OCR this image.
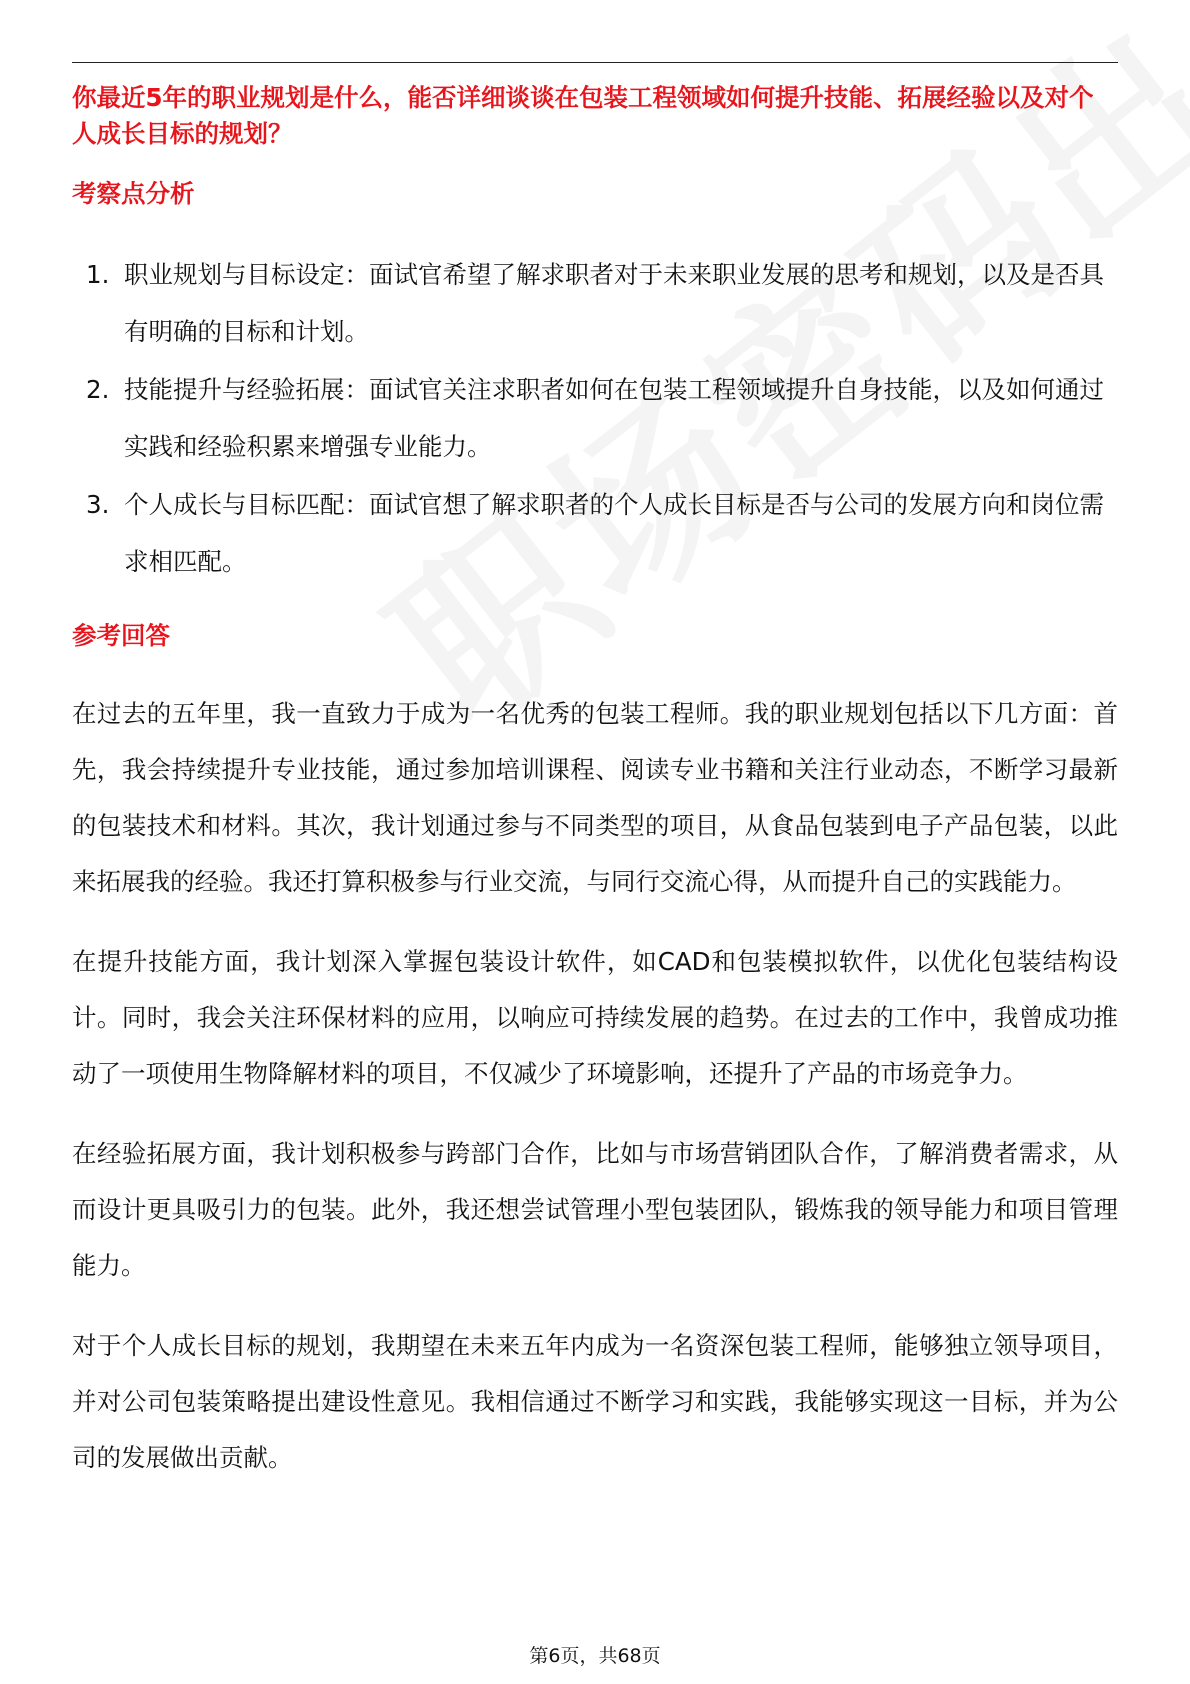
你最近5年的职业规划是什么，能否详细谈谈在包装工程领域如何提升技能、拓展经验以及对个人成长目标的规划？
考察点分析
1. 职业规划与目标设定：面试官希望了解求职者对于未来职业发展的思考和规划，以及是否具有明确的目标和计划。
2. 技能提升与经验拓展：面试官关注求职者如何在包装工程领域提升自身技能，以及如何通过实践和经验积累来增强专业能力。
3. 个人成长与目标匹配：面试官想了解求职者的个人成长目标是否与公司的发展方向和岗位需求相匹配。
参考回答

在过去的五年里，我一直致力于成为一名优秀的包装工程师。我的职业规划包括以下几方面：首先，我会持续提升专业技能，通过参加培训课程、阅读专业书籍和关注行业动态，不断学习最新的包装技术和材料。其次，我计划通过参与不同类型的项目，从食品包装到电子产品包装，以此来拓展我的经验。我还打算积极参与行业交流，与同行交流心得，从而提升自己的实践能力。

在提升技能方面，我计划深入掌握包装设计软件，如CAD和包装模拟软件，以优化包装结构设计。同时，我会关注环保材料的应用，以响应可持续发展的趋势。在过去的工作中，我曾成功推动了一项使用生物降解材料的项目，不仅减少了环境影响，还提升了产品的市场竞争力。

在经验拓展方面，我计划积极参与跨部门合作，比如与市场营销团队合作，了解消费者需求，从而设计更具吸引力的包装。此外，我还想尝试管理小型包装团队，锻炼我的领导能力和项目管理能力。

对于个人成长目标的规划，我期望在未来五年内成为一名资深包装工程师，能够独立领导项目，并对公司包装策略提出建设性意见。我相信通过不断学习和实践，我能够实现这一目标，并为公司的发展做出贡献。

第6页，共68页
